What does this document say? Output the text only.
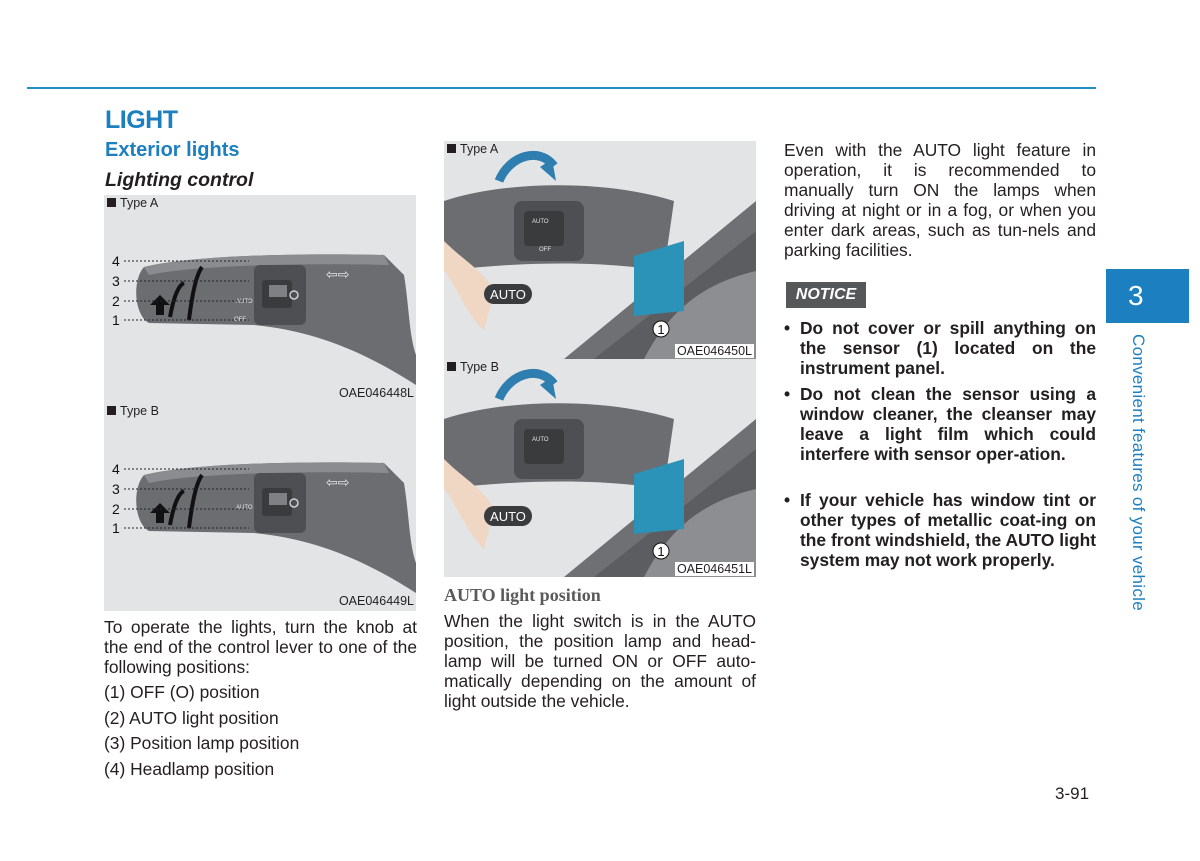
LIGHT
Exterior lights
Lighting control
Type A
AUTO
OFF
⇦⇨
4
3
2
1
OAE046448L
Type B
AUTO
⇦⇨
4
3
2
1
OAE046449L
AUTO
OFF
AUTO
1
Type A
OAE046450L
AUTO
AUTO
1
Type B
OAE046451L
To operate the lights, turn the knob at the end of the control lever to one of the following positions:
(1) OFF (O) position
(2) AUTO light position
(3) Position lamp position
(4) Headlamp position
AUTO light position
When the light switch is in the AUTO position, the position lamp and head-lamp will be turned ON or OFF auto-matically depending on the amount of light outside the vehicle.
Even with the AUTO light feature in operation, it is recommended to manually turn ON the lamps when driving at night or in a fog, or when you enter dark areas, such as tun-nels and parking facilities.
NOTICE
• Do not cover or spill anything on the sensor (1) located on the instrument panel.
• Do not clean the sensor using a window cleaner, the cleanser may leave a light film which could interfere with sensor oper-ation.
• If your vehicle has window tint or other types of metallic coat-ing on the front windshield, the AUTO light system may not work properly.
3
Convenient features of your vehicle
3-91
